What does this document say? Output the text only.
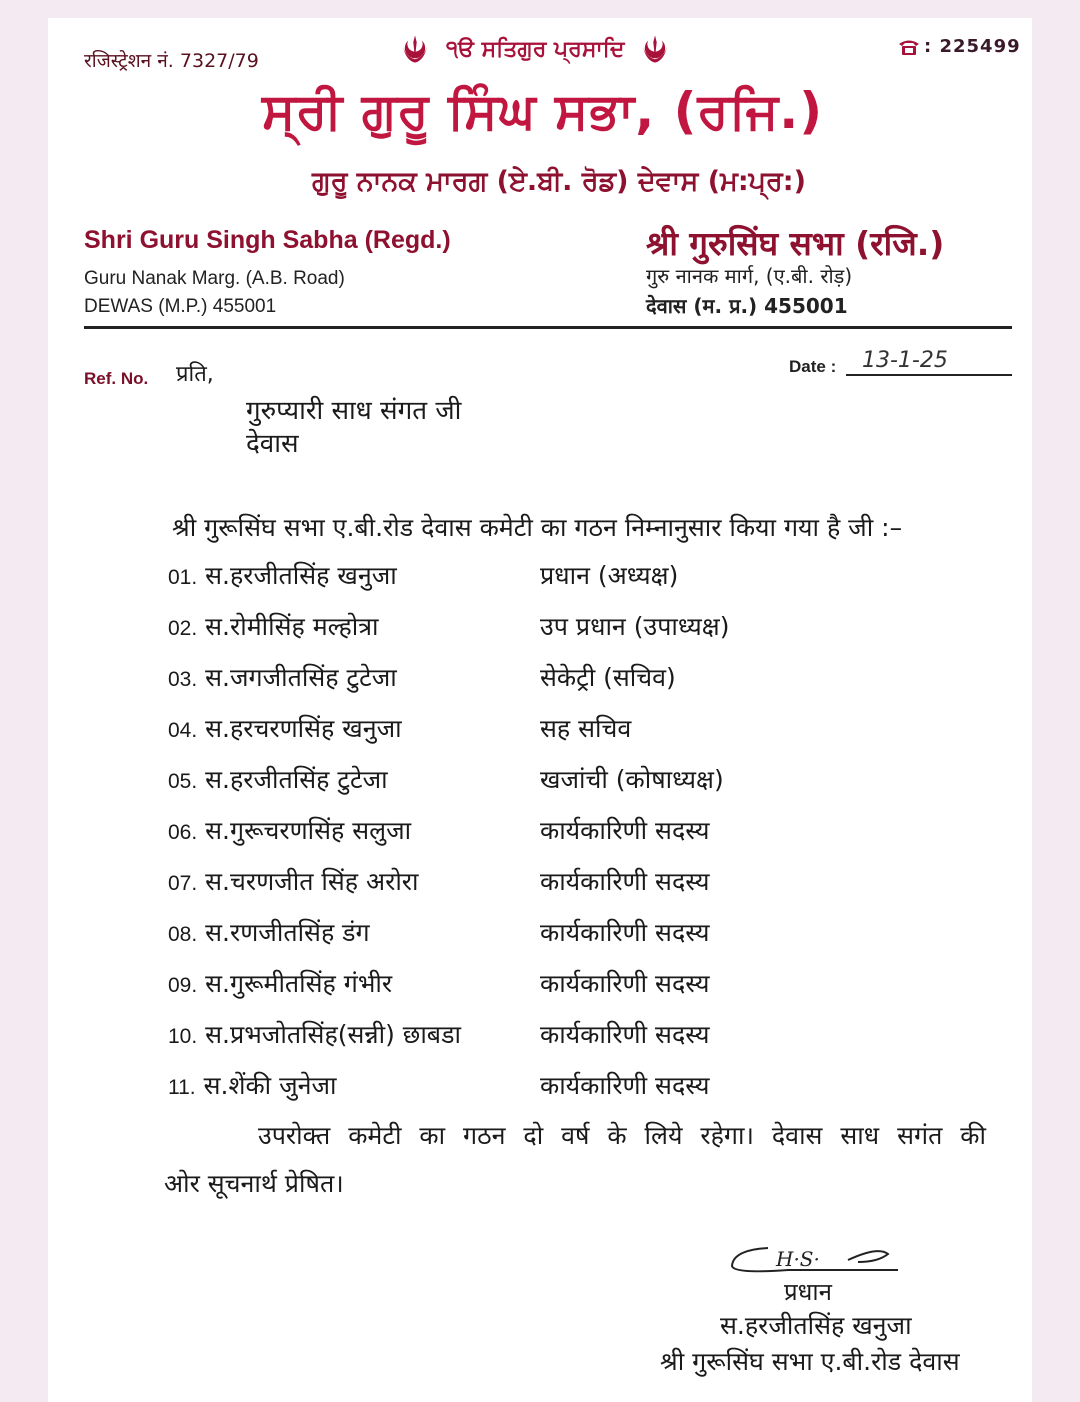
रजिस्ट्रेशन नं. 7327/79	੧ੳ ਸਤਿਗੁਰ ਪ੍ਰਸਾਦਿ	: 225499
ਸ੍ਰੀ ਗੁਰੂ ਸਿੰਘ ਸਭਾ, (ਰਜਿ.)
ਗੁਰੂ ਨਾਨਕ ਮਾਰਗ (ਏ.ਬੀ. ਰੋਡ) ਦੇਵਾਸ (ਮ:ਪ੍ਰ:)
Shri Guru Singh Sabha (Regd.)
Guru Nanak Marg. (A.B. Road)
DEWAS (M.P.) 455001
श्री गुरुसिंघ सभा (रजि.)
गुरु नानक मार्ग, (ए.बी. रोड़)
देवास (म. प्र.) 455001
Ref. No. प्रति,	Date : 13-1-25
गुरुप्यारी साध संगत जी
देवास
श्री गुरूसिंघ सभा ए.बी.रोड देवास कमेटी का गठन निम्नानुसार किया गया है जी :–
01. स.हरजीतसिंह खनुजा	प्रधान (अध्यक्ष)
02. स.रोमीसिंह मल्होत्रा	उप प्रधान (उपाध्यक्ष)
03. स.जगजीतसिंह टुटेजा	सेकेट्री (सचिव)
04. स.हरचरणसिंह खनुजा	सह सचिव
05. स.हरजीतसिंह टुटेजा	खजांची (कोषाध्यक्ष)
06. स.गुरूचरणसिंह सलुजा	कार्यकारिणी सदस्य
07. स.चरणजीत सिंह अरोरा	कार्यकारिणी सदस्य
08. स.रणजीतसिंह डंग	कार्यकारिणी सदस्य
09. स.गुरूमीतसिंह गंभीर	कार्यकारिणी सदस्य
10. स.प्रभजोतसिंह(सन्नी) छाबडा	कार्यकारिणी सदस्य
11. स.शेंकी जुनेजा	कार्यकारिणी सदस्य
उपरोक्त कमेटी का गठन दो वर्ष के लिये रहेगा। देवास साध सगंत की
ओर सूचनार्थ प्रेषित।
H·S·
प्रधान
स.हरजीतसिंह खनुजा
श्री गुरूसिंघ सभा ए.बी.रोड देवास
